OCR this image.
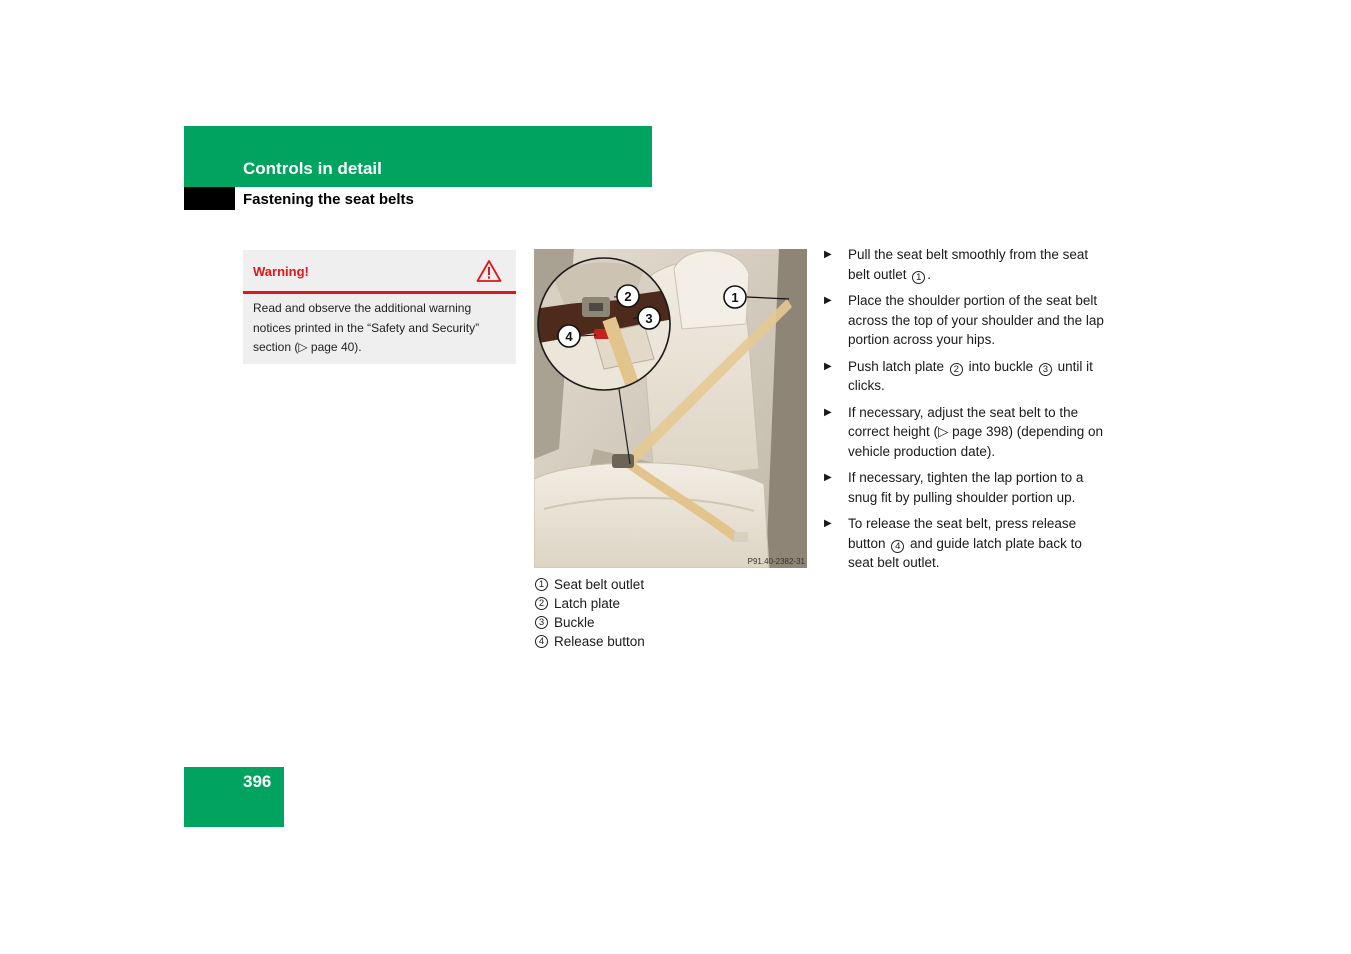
Controls in detail
Fastening the seat belts
Warning!
Read and observe the additional warning notices printed in the “Safety and Security” section (▷ page 40).
1
2
3
4
P91.40-2382-31
1 Seat belt outlet
2 Latch plate
3 Buckle
4 Release button
▶ Pull the seat belt smoothly from the seat belt outlet 1 .
▶ Place the shoulder portion of the seat belt across the top of your shoulder and the lap portion across your hips.
▶ Push latch plate 2 into buckle 3 until it clicks.
▶ If necessary, adjust the seat belt to the correct height (▷ page 398) (depending on vehicle production date).
▶ If necessary, tighten the lap portion to a snug fit by pulling shoulder portion up.
▶ To release the seat belt, press release button 4 and guide latch plate back to seat belt outlet.
396
